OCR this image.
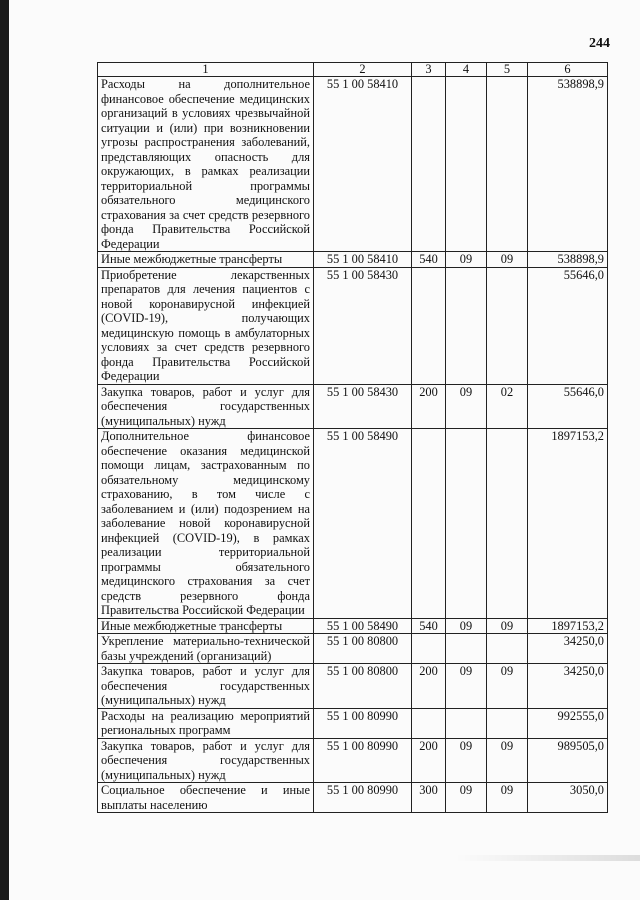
244
1	2	3	4	5	6
Расходы на дополнительное финансовое обеспечение медицинских организаций в условиях чрезвычайной ситуации и (или) при возникновении угрозы распространения заболеваний, представляющих опасность для окружающих, в рамках реализации территориальной программы обязательного медицинского страхования за счет средств резервного фонда Правительства Российской Федерации	55 1 00 58410				538898,9
Иные межбюджетные трансферты	55 1 00 58410	540	09	09	538898,9
Приобретение лекарственных препаратов для лечения пациентов с новой коронавирусной инфекцией (COVID-19), получающих медицинскую помощь в амбулаторных условиях за счет средств резервного фонда Правительства Российской Федерации	55 1 00 58430				55646,0
Закупка товаров, работ и услуг для обеспечения государственных (муниципальных) нужд	55 1 00 58430	200	09	02	55646,0
Дополнительное финансовое обеспечение оказания медицинской помощи лицам, застрахованным по обязательному медицинскому страхованию, в том числе с заболеванием и (или) подозрением на заболевание новой коронавирусной инфекцией (COVID-19), в рамках реализации территориальной программы обязательного медицинского страхования за счет средств резервного фонда Правительства Российской Федерации	55 1 00 58490				1897153,2
Иные межбюджетные трансферты	55 1 00 58490	540	09	09	1897153,2
Укрепление материально-технической базы учреждений (организаций)	55 1 00 80800				34250,0
Закупка товаров, работ и услуг для обеспечения государственных (муниципальных) нужд	55 1 00 80800	200	09	09	34250,0
Расходы на реализацию мероприятий региональных программ	55 1 00 80990				992555,0
Закупка товаров, работ и услуг для обеспечения государственных (муниципальных) нужд	55 1 00 80990	200	09	09	989505,0
Социальное обеспечение и иные выплаты населению	55 1 00 80990	300	09	09	3050,0
